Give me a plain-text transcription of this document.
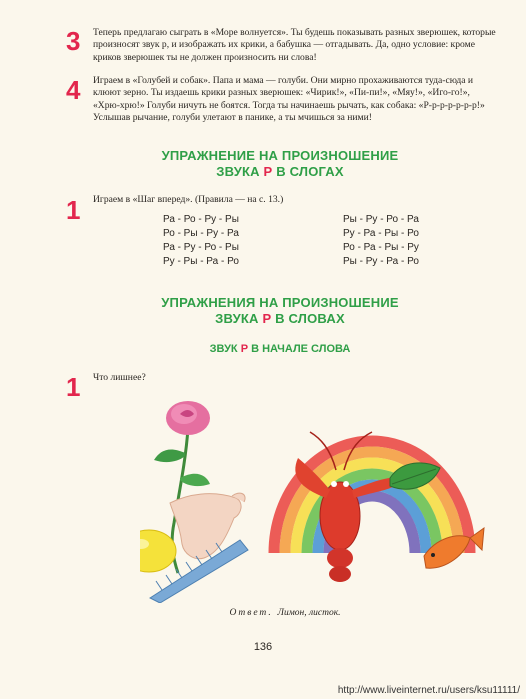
3 Теперь предлагаю сыграть в «Море волнуется». Ты будешь показывать разных зверюшек, которые произносят звук р, и изображать их крики, а бабушка — отгадывать. Да, одно условие: кроме криков зверюшек ты не должен произносить ни слова!

4 Играем в «Голубей и собак». Папа и мама — голуби. Они мирно прохаживаются туда-сюда и клюют зерно. Ты издаешь крики разных зверюшек: «Чирик!», «Пи-пи!», «Мяу!», «Иго-го!», «Хрю-хрю!» Голуби ничуть не боятся. Тогда ты начинаешь рычать, как собака: «Р-р-р-р-р-р-р!» Услышав рычание, голуби улетают в панике, а ты мчишься за ними!

УПРАЖНЕНИЕ НА ПРОИЗНОШЕНИЕ
ЗВУКА Р В СЛОГАХ
1 Играем в «Шаг вперед». (Правила — на с. 13.)

Ра - Ро - Ру - Ры
Ро - Ры - Ру - Ра
Ра - Ру - Ро - Ры
Ру - Ры - Ра - Ро
Ры - Ру - Ро - Ра
Ру - Ра - Ры - Ро
Ро - Ра - Ры - Ру
Ры - Ру - Ра - Ро
УПРАЖНЕНИЯ НА ПРОИЗНОШЕНИЕ
ЗВУКА Р В СЛОВАХ
ЗВУК Р В НАЧАЛЕ СЛОВА
1 Что лишнее?

Ответ. Лимон, листок.
136
http://www.liveinternet.ru/users/ksu11111/
